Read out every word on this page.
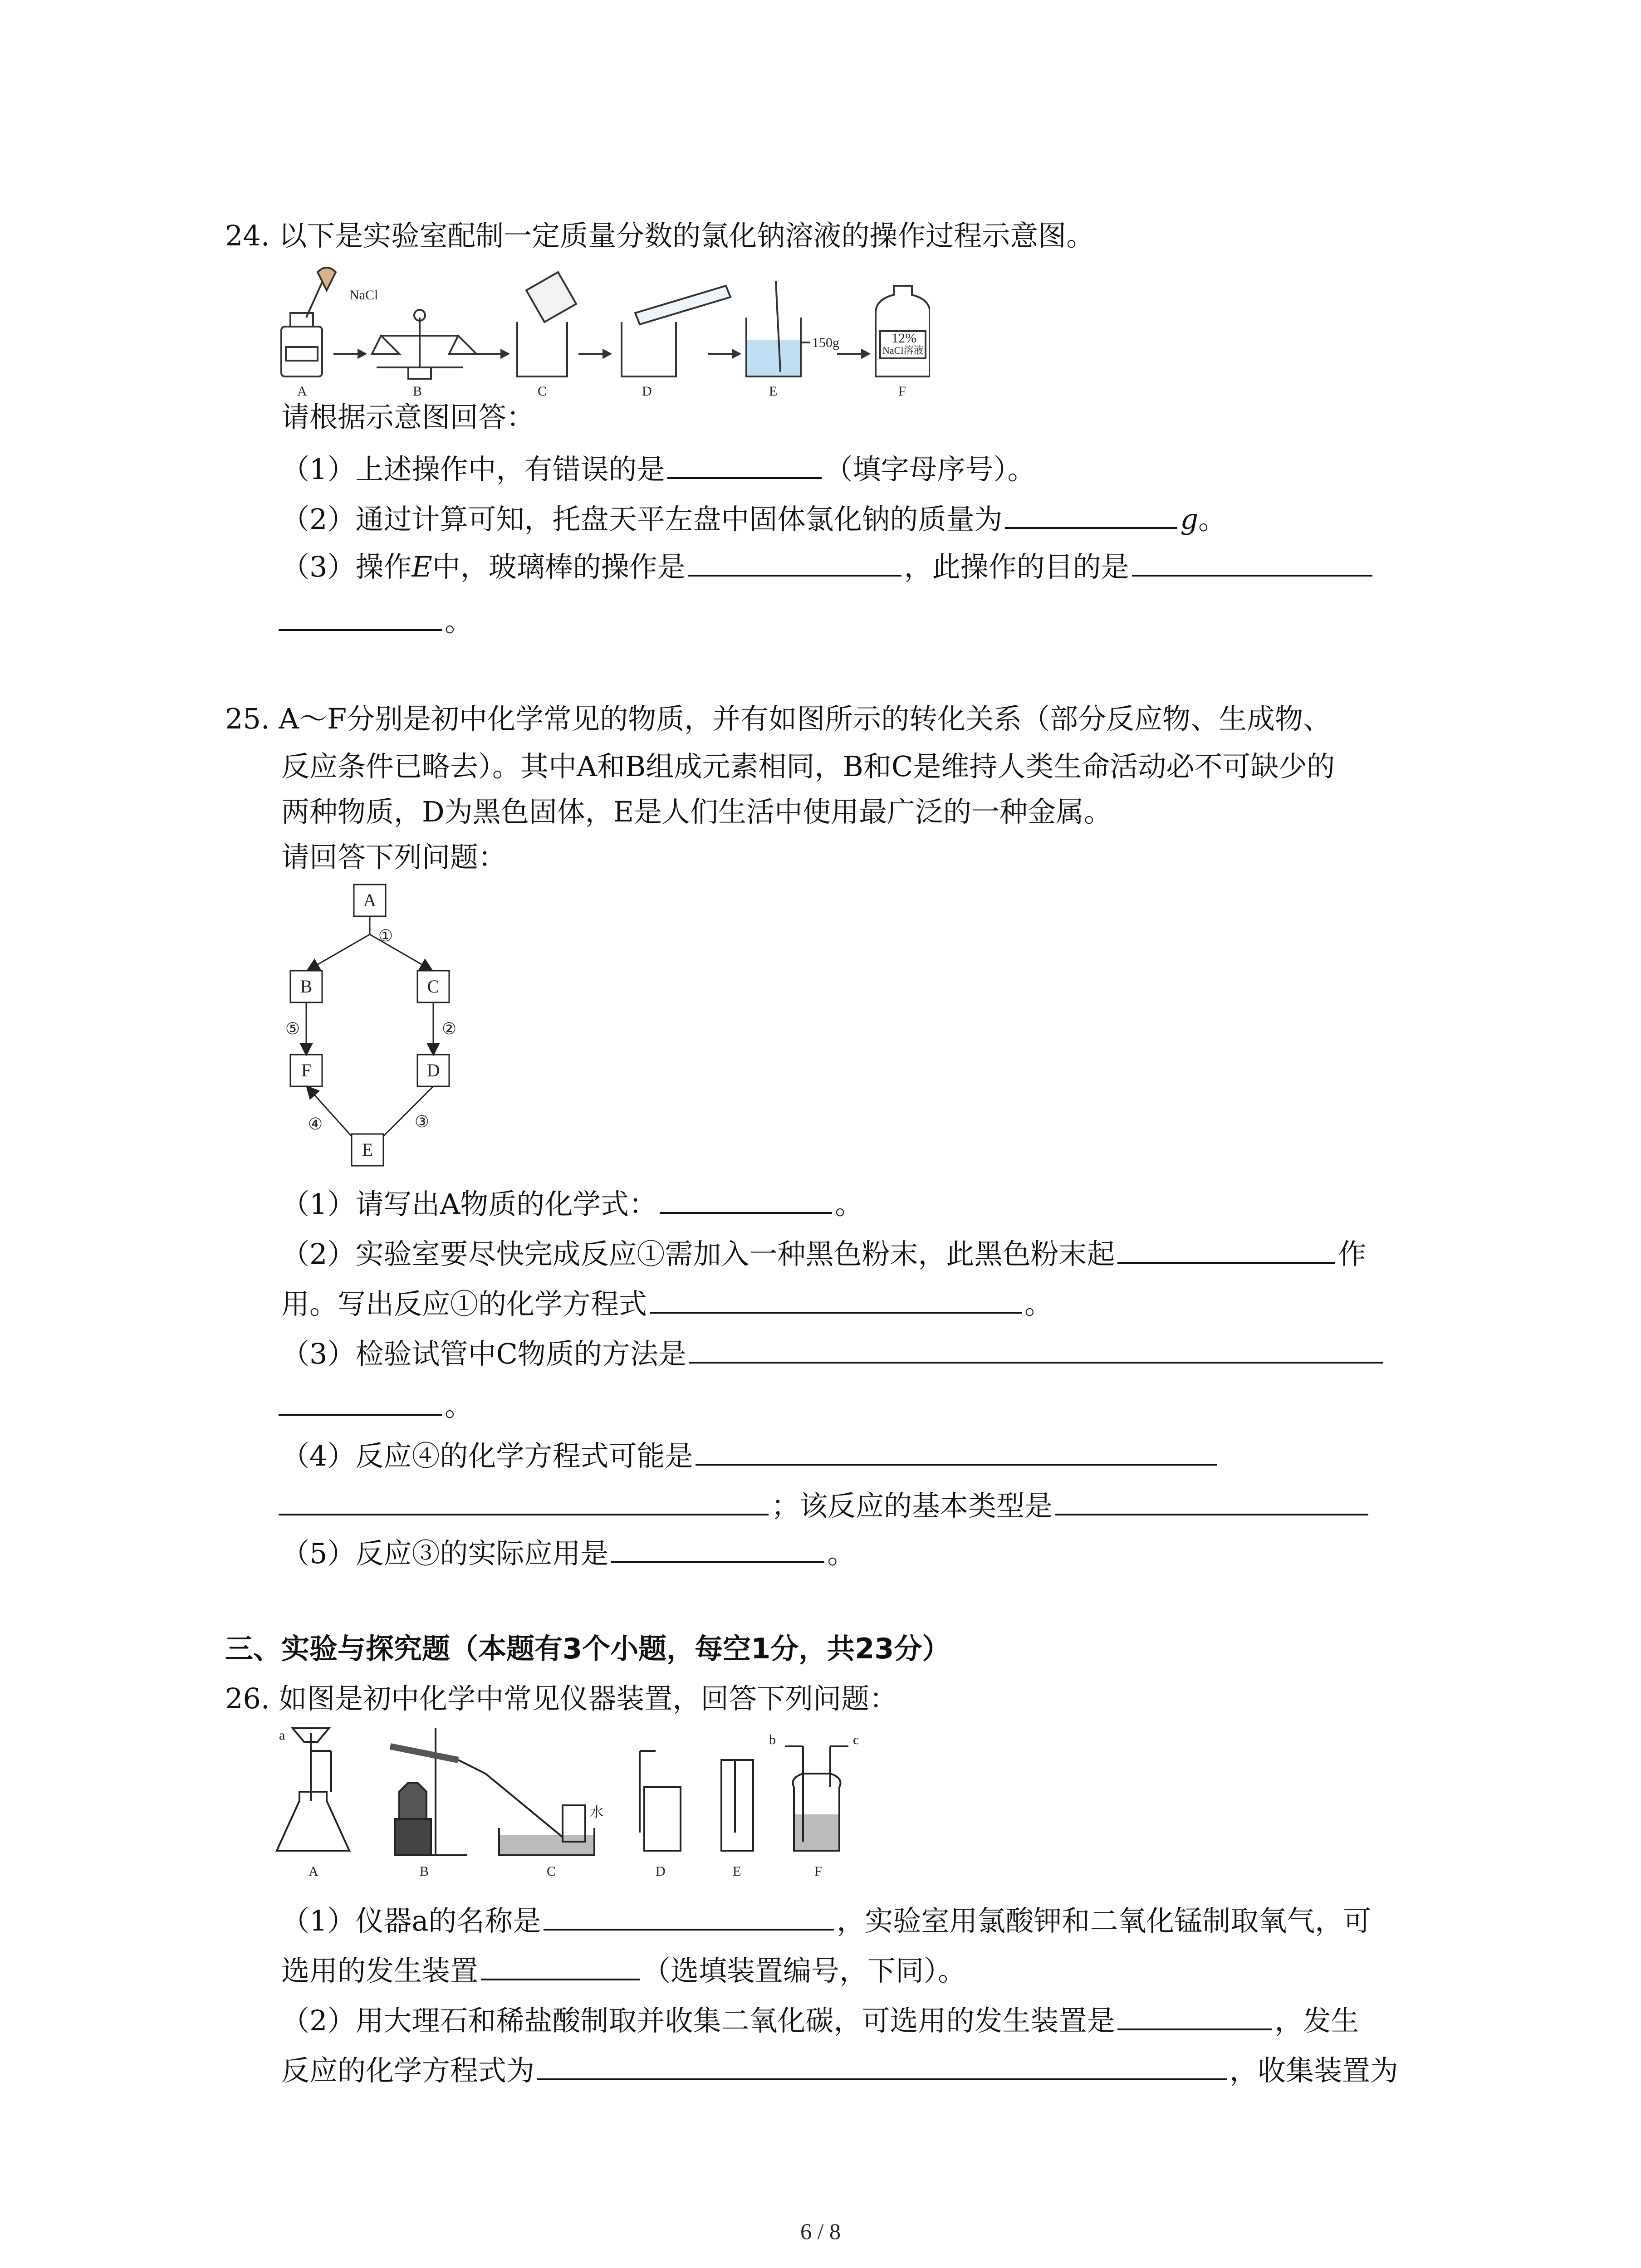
24. 以下是实验室配制一定质量分数的氯化钠溶液的操作过程示意图。
NaCl
150g	12%
NaCl溶液
A	B	C	D	E	F
请根据示意图回答：
（1）上述操作中，有错误的是	（填字母序号）。
（2）通过计算可知，托盘天平左盘中固体氯化钠的质量为	g。
（3）操作E中，玻璃棒的操作是	，此操作的目的是
。
25. A～F分别是初中化学常见的物质，并有如图所示的转化关系（部分反应物、生成物、
反应条件已略去）。其中A和B组成元素相同，B和C是维持人类生命活动必不可缺少的
两种物质，D为黑色固体，E是人们生活中使用最广泛的一种金属。
请回答下列问题：
A
B	C
D
E
F
①
②
③
④
⑤
（1）请写出A物质的化学式：	。
（2）实验室要尽快完成反应①需加入一种黑色粉末，此黑色粉末起	作
用。写出反应①的化学方程式	。
（3）检验试管中C物质的方法是
。
（4）反应④的化学方程式可能是
；该反应的基本类型是
（5）反应③的实际应用是	。
三、实验与探究题（本题有3个小题，每空1分，共23分）
26. 如图是初中化学中常见仪器装置，回答下列问题：
a	b	c
水
A	B	C	D	E	F
（1）仪器a的名称是	，实验室用氯酸钾和二氧化锰制取氧气，可
选用的发生装置	（选填装置编号，下同）。
（2）用大理石和稀盐酸制取并收集二氧化碳，可选用的发生装置是	，发生
反应的化学方程式为	，收集装置为
6 / 8
